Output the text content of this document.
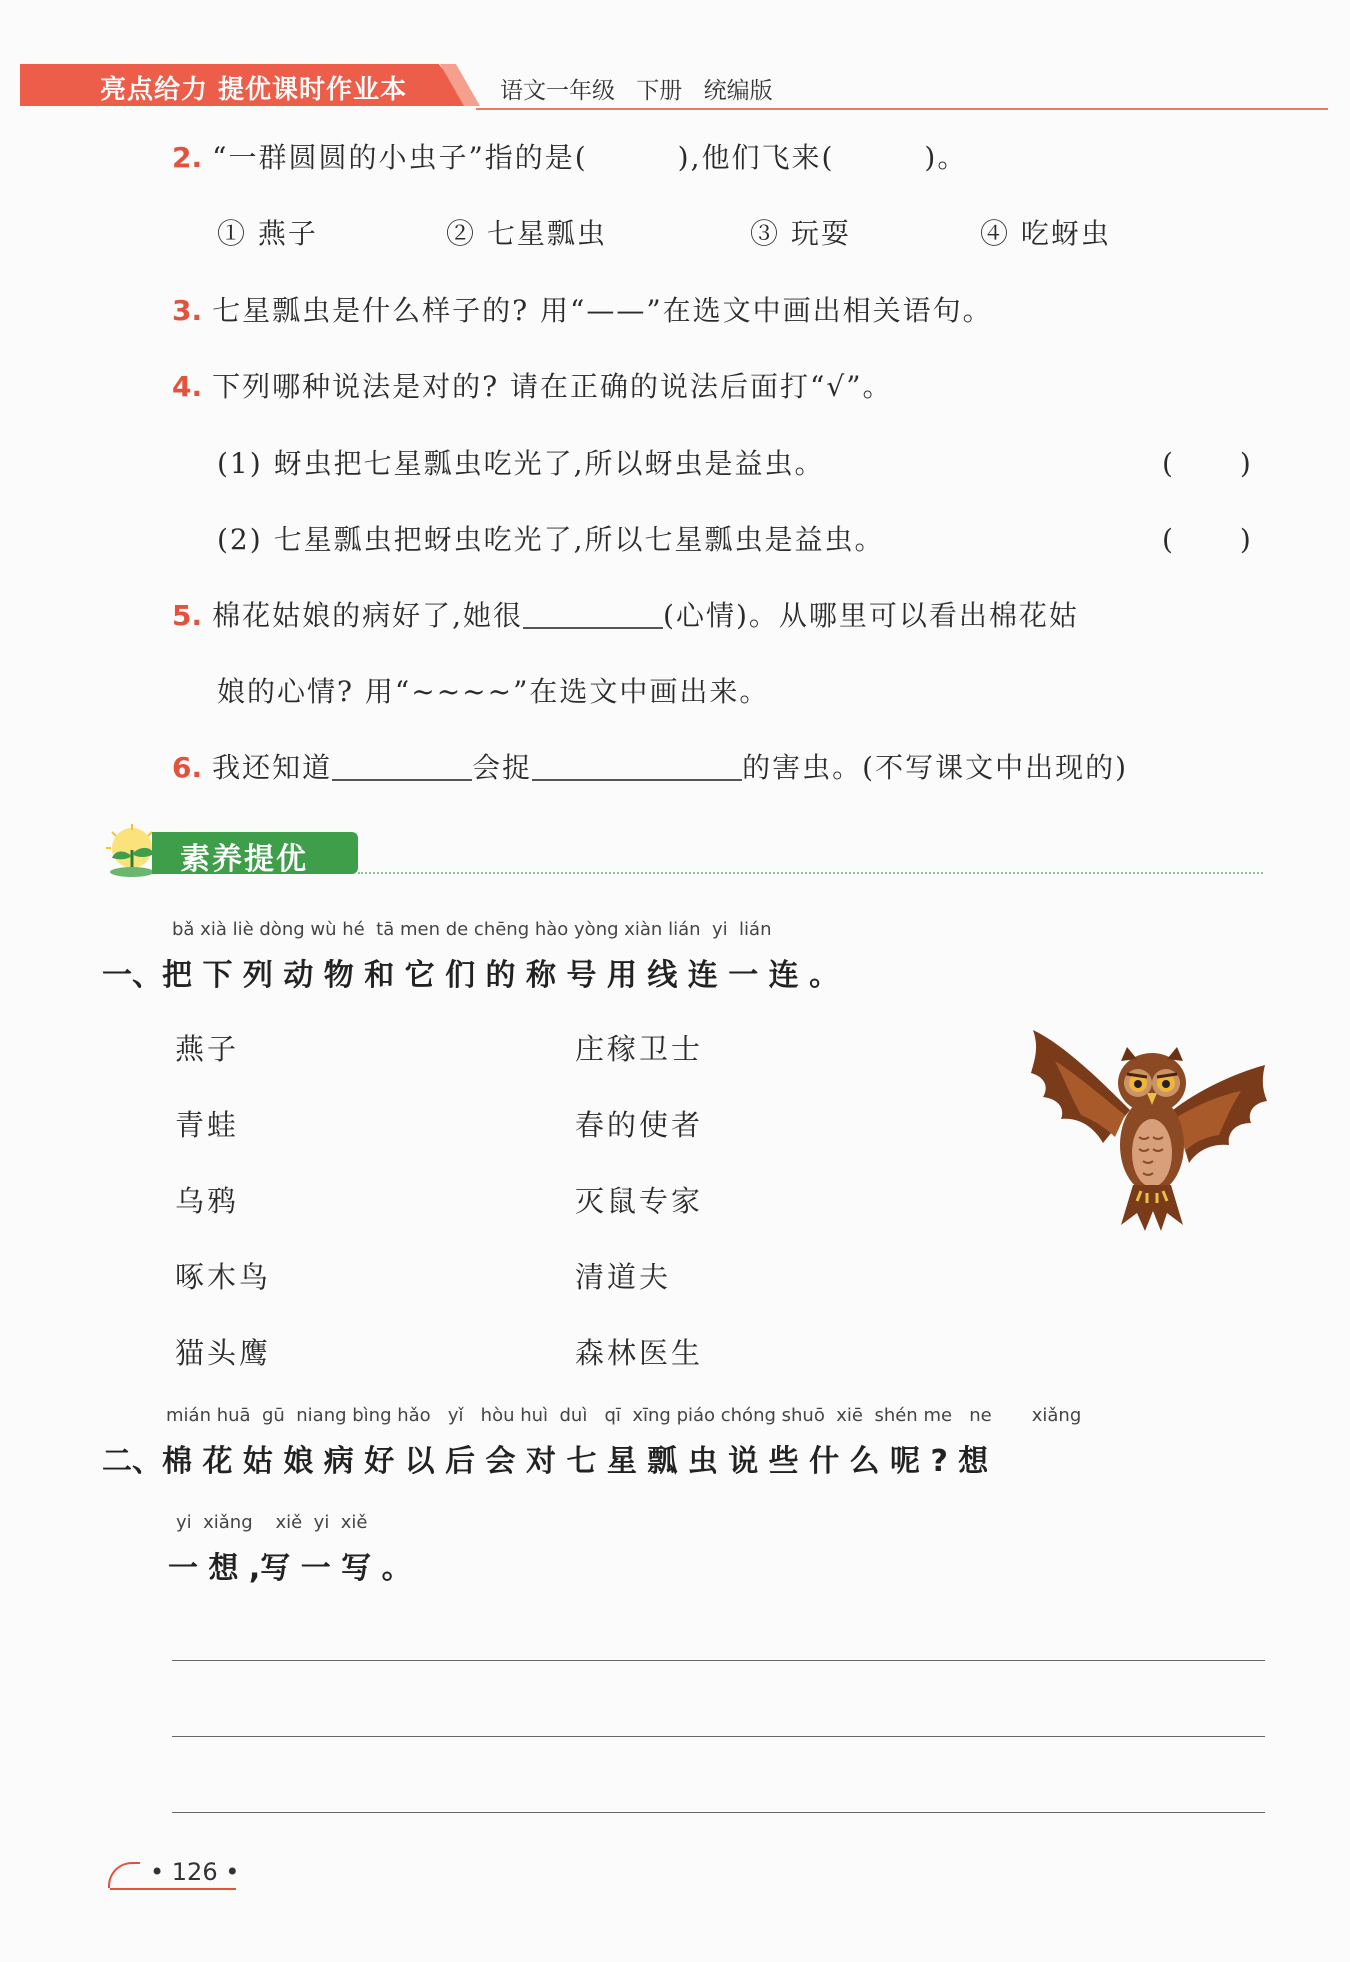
亮点给力 提优课时作业本	语文一年级 下册 统编版
2. “一群圆圆的小虫子”指的是(　　　),他们飞来(　　　)。
① 燕子	② 七星瓢虫	③ 玩耍	④ 吃蚜虫
3. 七星瓢虫是什么样子的? 用“——”在选文中画出相关语句。
4. 下列哪种说法是对的? 请在正确的说法后面打“√”。
(1) 蚜虫把七星瓢虫吃光了,所以蚜虫是益虫。	(　 )
(2) 七星瓢虫把蚜虫吃光了,所以七星瓢虫是益虫。	(　 )
5. 棉花姑娘的病好了,她很	(心情)。从哪里可以看出棉花姑
娘的心情? 用“~~~~”在选文中画出来。
6. 我还知道	会捉	的害虫。(不写课文中出现的)
素养提优
bǎ xià liè dòng wù hé  tā men de chēng hào yòng xiàn lián  yi  lián
一、把 下 列 动 物 和 它 们 的 称 号 用 线 连 一 连 。
燕子
青蛙
乌鸦
啄木鸟
猫头鹰
庄稼卫士
春的使者
灭鼠专家
清道夫
森林医生
mián huā  gū  niang bìng hǎo   yǐ   hòu huì  duì   qī  xīng piáo chóng shuō  xiē  shén me   ne       xiǎng
二、棉 花 姑 娘 病 好 以 后 会 对 七 星 瓢 虫 说 些 什 么 呢 ? 想
yi  xiǎng    xiě  yi  xiě
一 想 ,写 一 写 。
• 126 •
